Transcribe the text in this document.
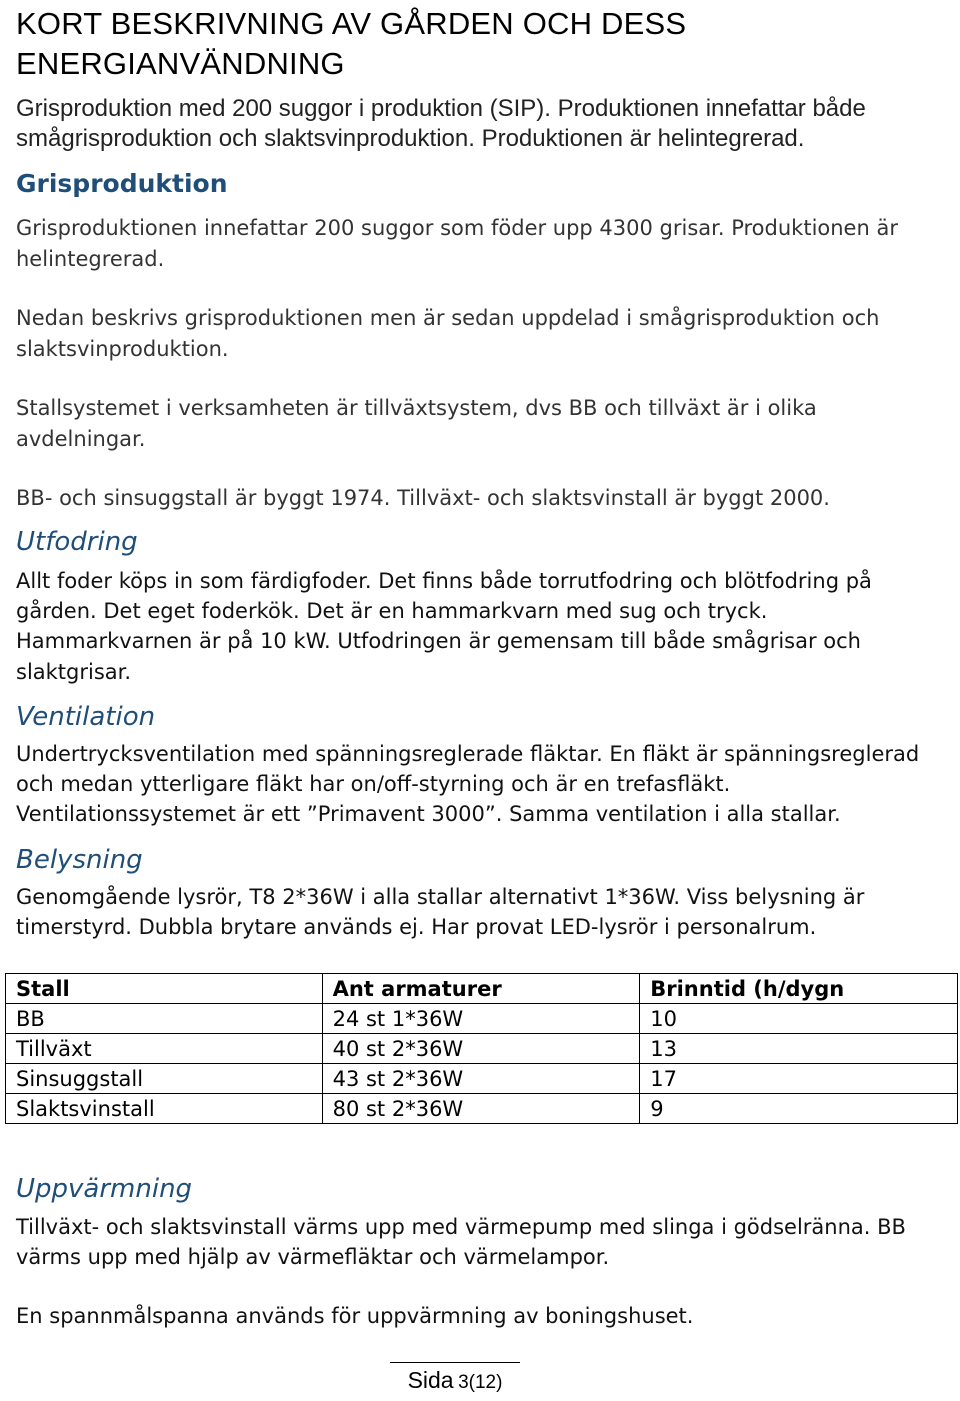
KORT BESKRIVNING AV GÅRDEN OCH DESS
ENERGIANVÄNDNING
Grisproduktion med 200 suggor i produktion (SIP). Produktionen innefattar både
smågrisproduktion och slaktsvinproduktion. Produktionen är helintegrerad.
Grisproduktion
Grisproduktionen innefattar 200 suggor som föder upp 4300 grisar. Produktionen är
helintegrerad.
Nedan beskrivs grisproduktionen men är sedan uppdelad i smågrisproduktion och
slaktsvinproduktion.
Stallsystemet i verksamheten är tillväxtsystem, dvs BB och tillväxt är i olika
avdelningar.
BB- och sinsuggstall är byggt 1974. Tillväxt- och slaktsvinstall är byggt 2000.
Utfodring
Allt foder köps in som färdigfoder. Det finns både torrutfodring och blötfodring på
gården. Det eget foderkök. Det är en hammarkvarn med sug och tryck.
Hammarkvarnen är på 10 kW. Utfodringen är gemensam till både smågrisar och
slaktgrisar.
Ventilation
Undertrycksventilation med spänningsreglerade fläktar. En fläkt är spänningsreglerad
och medan ytterligare fläkt har on/off-styrning och är en trefasfläkt.
Ventilationssystemet är ett ”Primavent 3000”. Samma ventilation i alla stallar.
Belysning
Genomgående lysrör, T8 2*36W i alla stallar alternativt 1*36W. Viss belysning är
timerstyrd. Dubbla brytare används ej. Har provat LED-lysrör i personalrum.
Stall	Ant armaturer	Brinntid (h/dygn
BB	24 st 1*36W	10
Tillväxt	40 st 2*36W	13
Sinsuggstall	43 st 2*36W	17
Slaktsvinstall	80 st 2*36W	9
Uppvärmning
Tillväxt- och slaktsvinstall värms upp med värmepump med slinga i gödselränna. BB
värms upp med hjälp av värmefläktar och värmelampor.
En spannmålspanna används för uppvärmning av boningshuset.
Sida 3(12)
